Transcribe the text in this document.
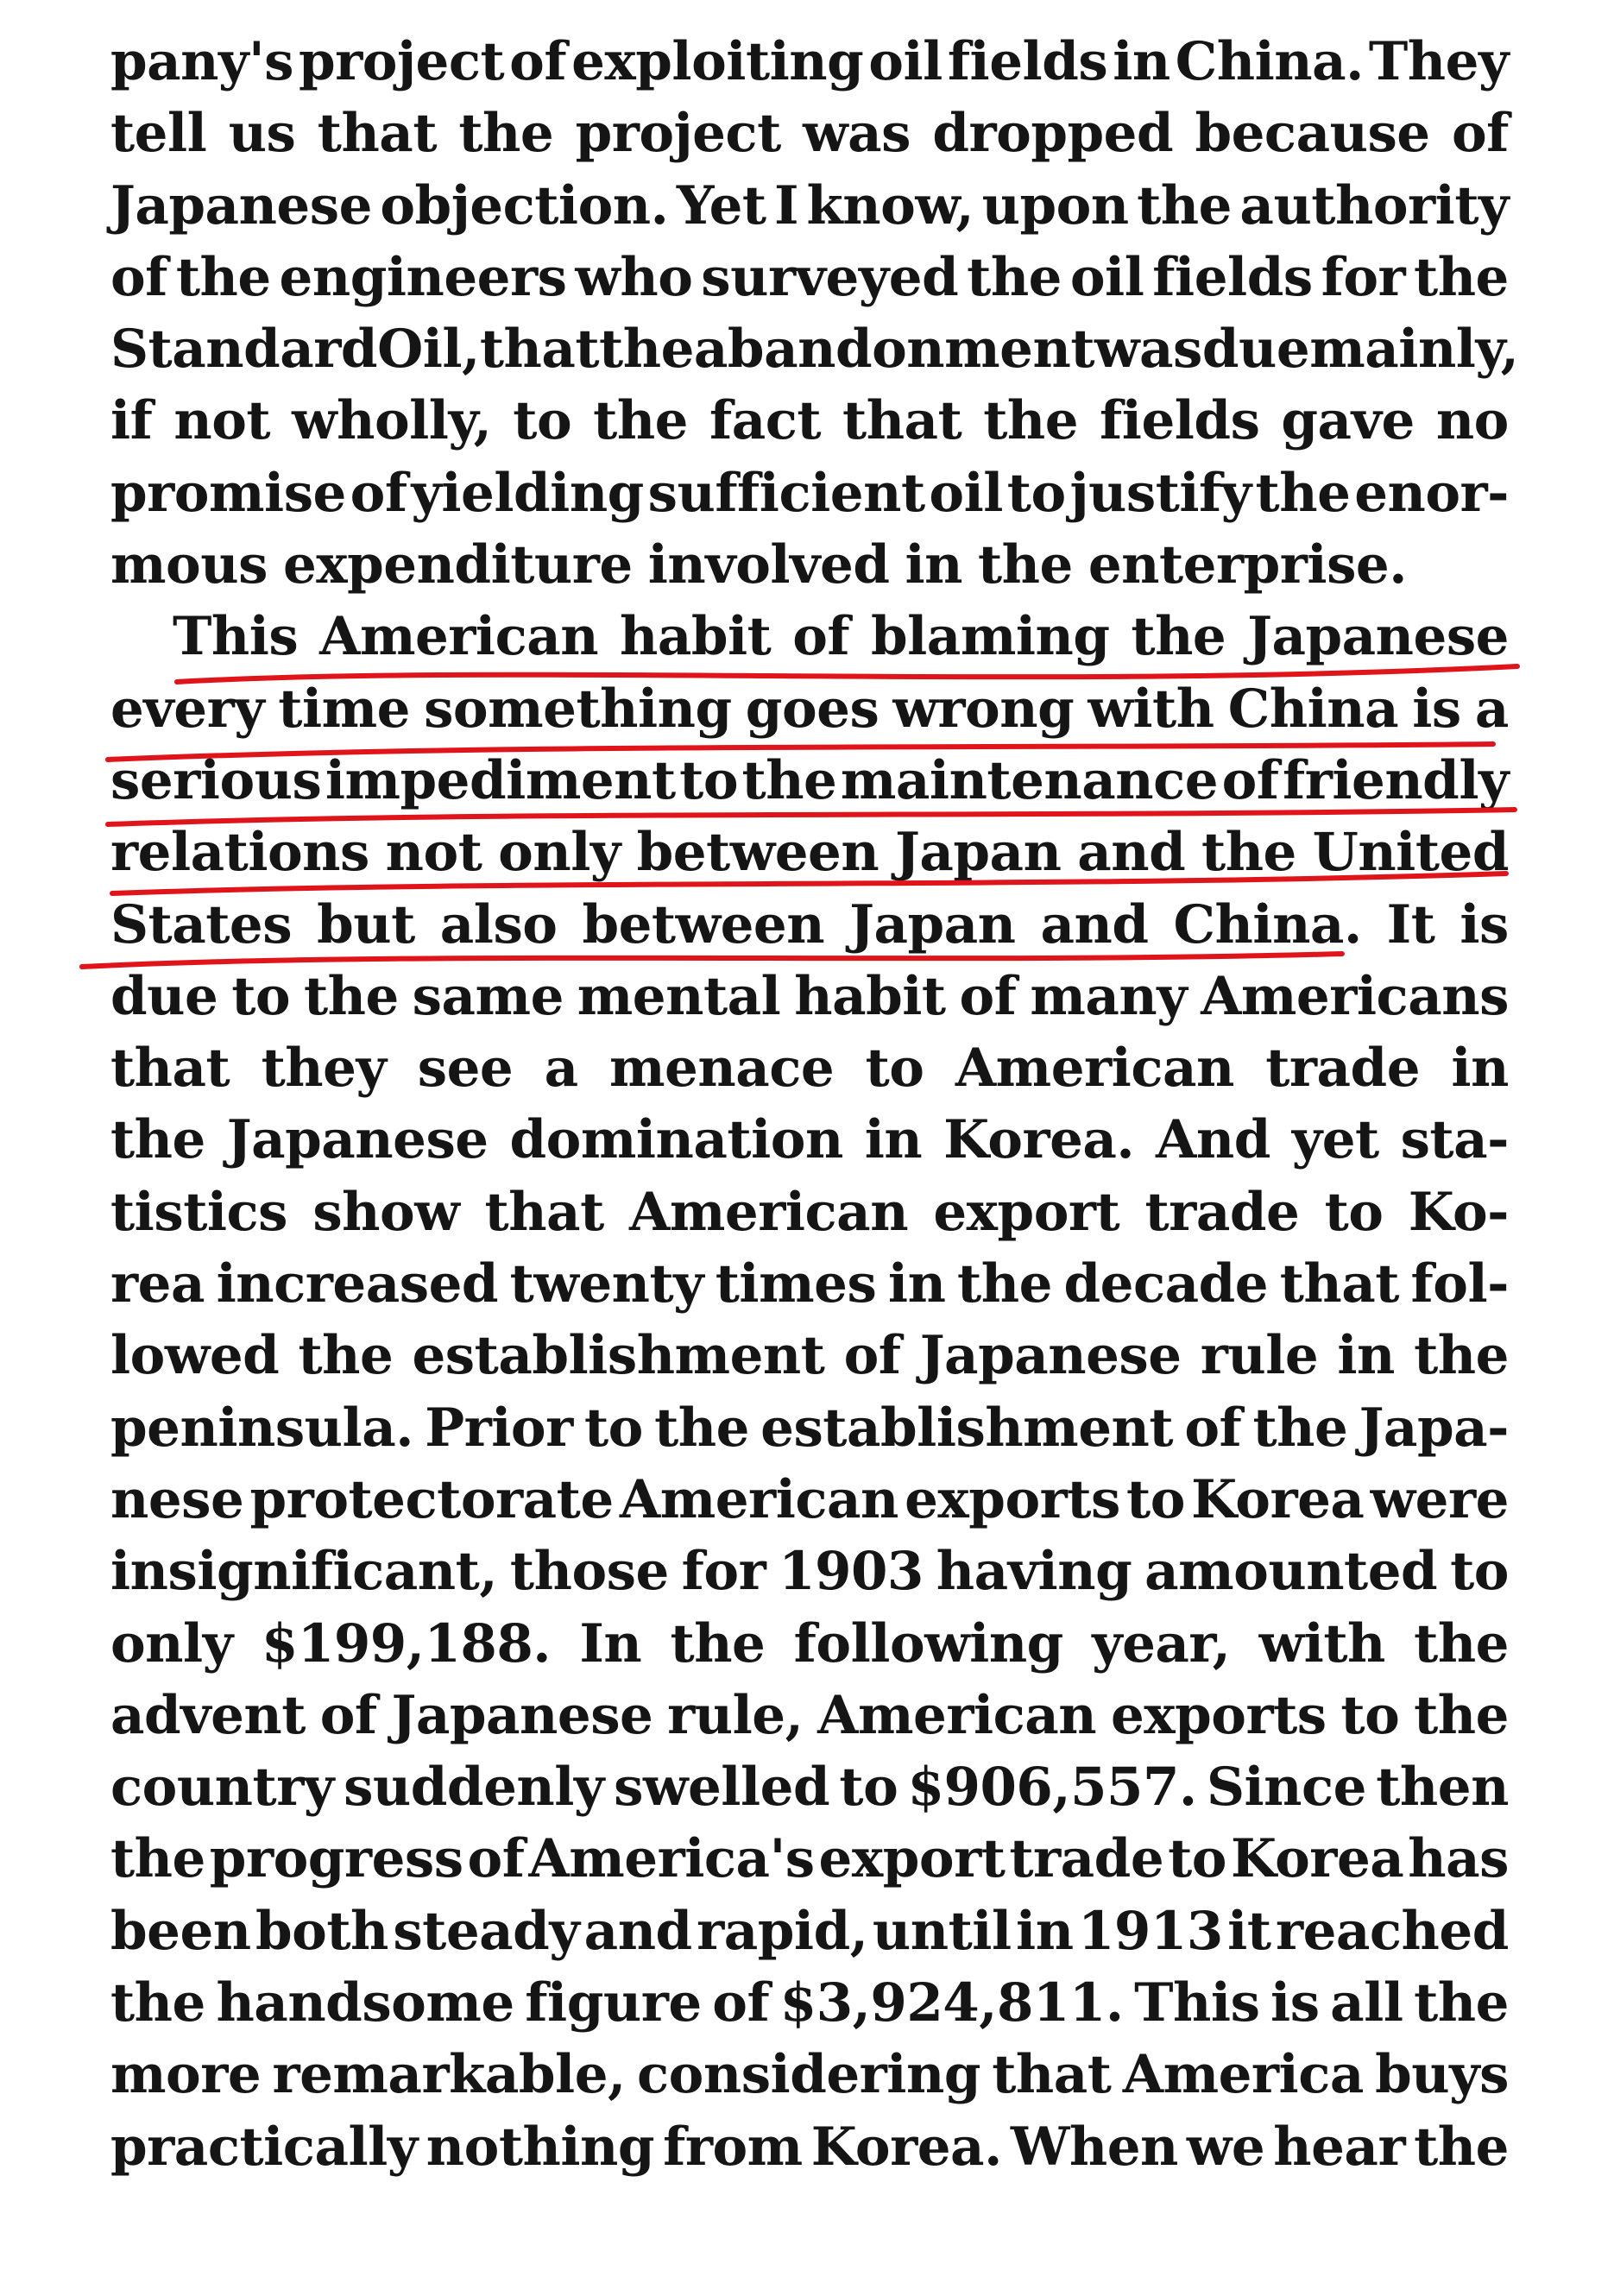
pany's project of exploiting oil fields in China. They
tell us that the project was dropped because of
Japanese objection. Yet I know, upon the authority
of the engineers who surveyed the oil fields for the
Standard Oil, that the abandonment was due mainly,
if not wholly, to the fact that the fields gave no
promise of yielding sufficient oil to justify the enor-
mous expenditure involved in the enterprise.
This American habit of blaming the Japanese
every time something goes wrong with China is a
serious impediment to the maintenance of friendly
relations not only between Japan and the United
States but also between Japan and China. It is
due to the same mental habit of many Americans
that they see a menace to American trade in
the Japanese domination in Korea. And yet sta-
tistics show that American export trade to Ko-
rea increased twenty times in the decade that fol-
lowed the establishment of Japanese rule in the
peninsula. Prior to the establishment of the Japa-
nese protectorate American exports to Korea were
insignificant, those for 1903 having amounted to
only $199,188. In the following year, with the
advent of Japanese rule, American exports to the
country suddenly swelled to $906,557. Since then
the progress of America's export trade to Korea has
been both steady and rapid, until in 1913 it reached
the handsome figure of $3,924,811. This is all the
more remarkable, considering that America buys
practically nothing from Korea. When we hear the
